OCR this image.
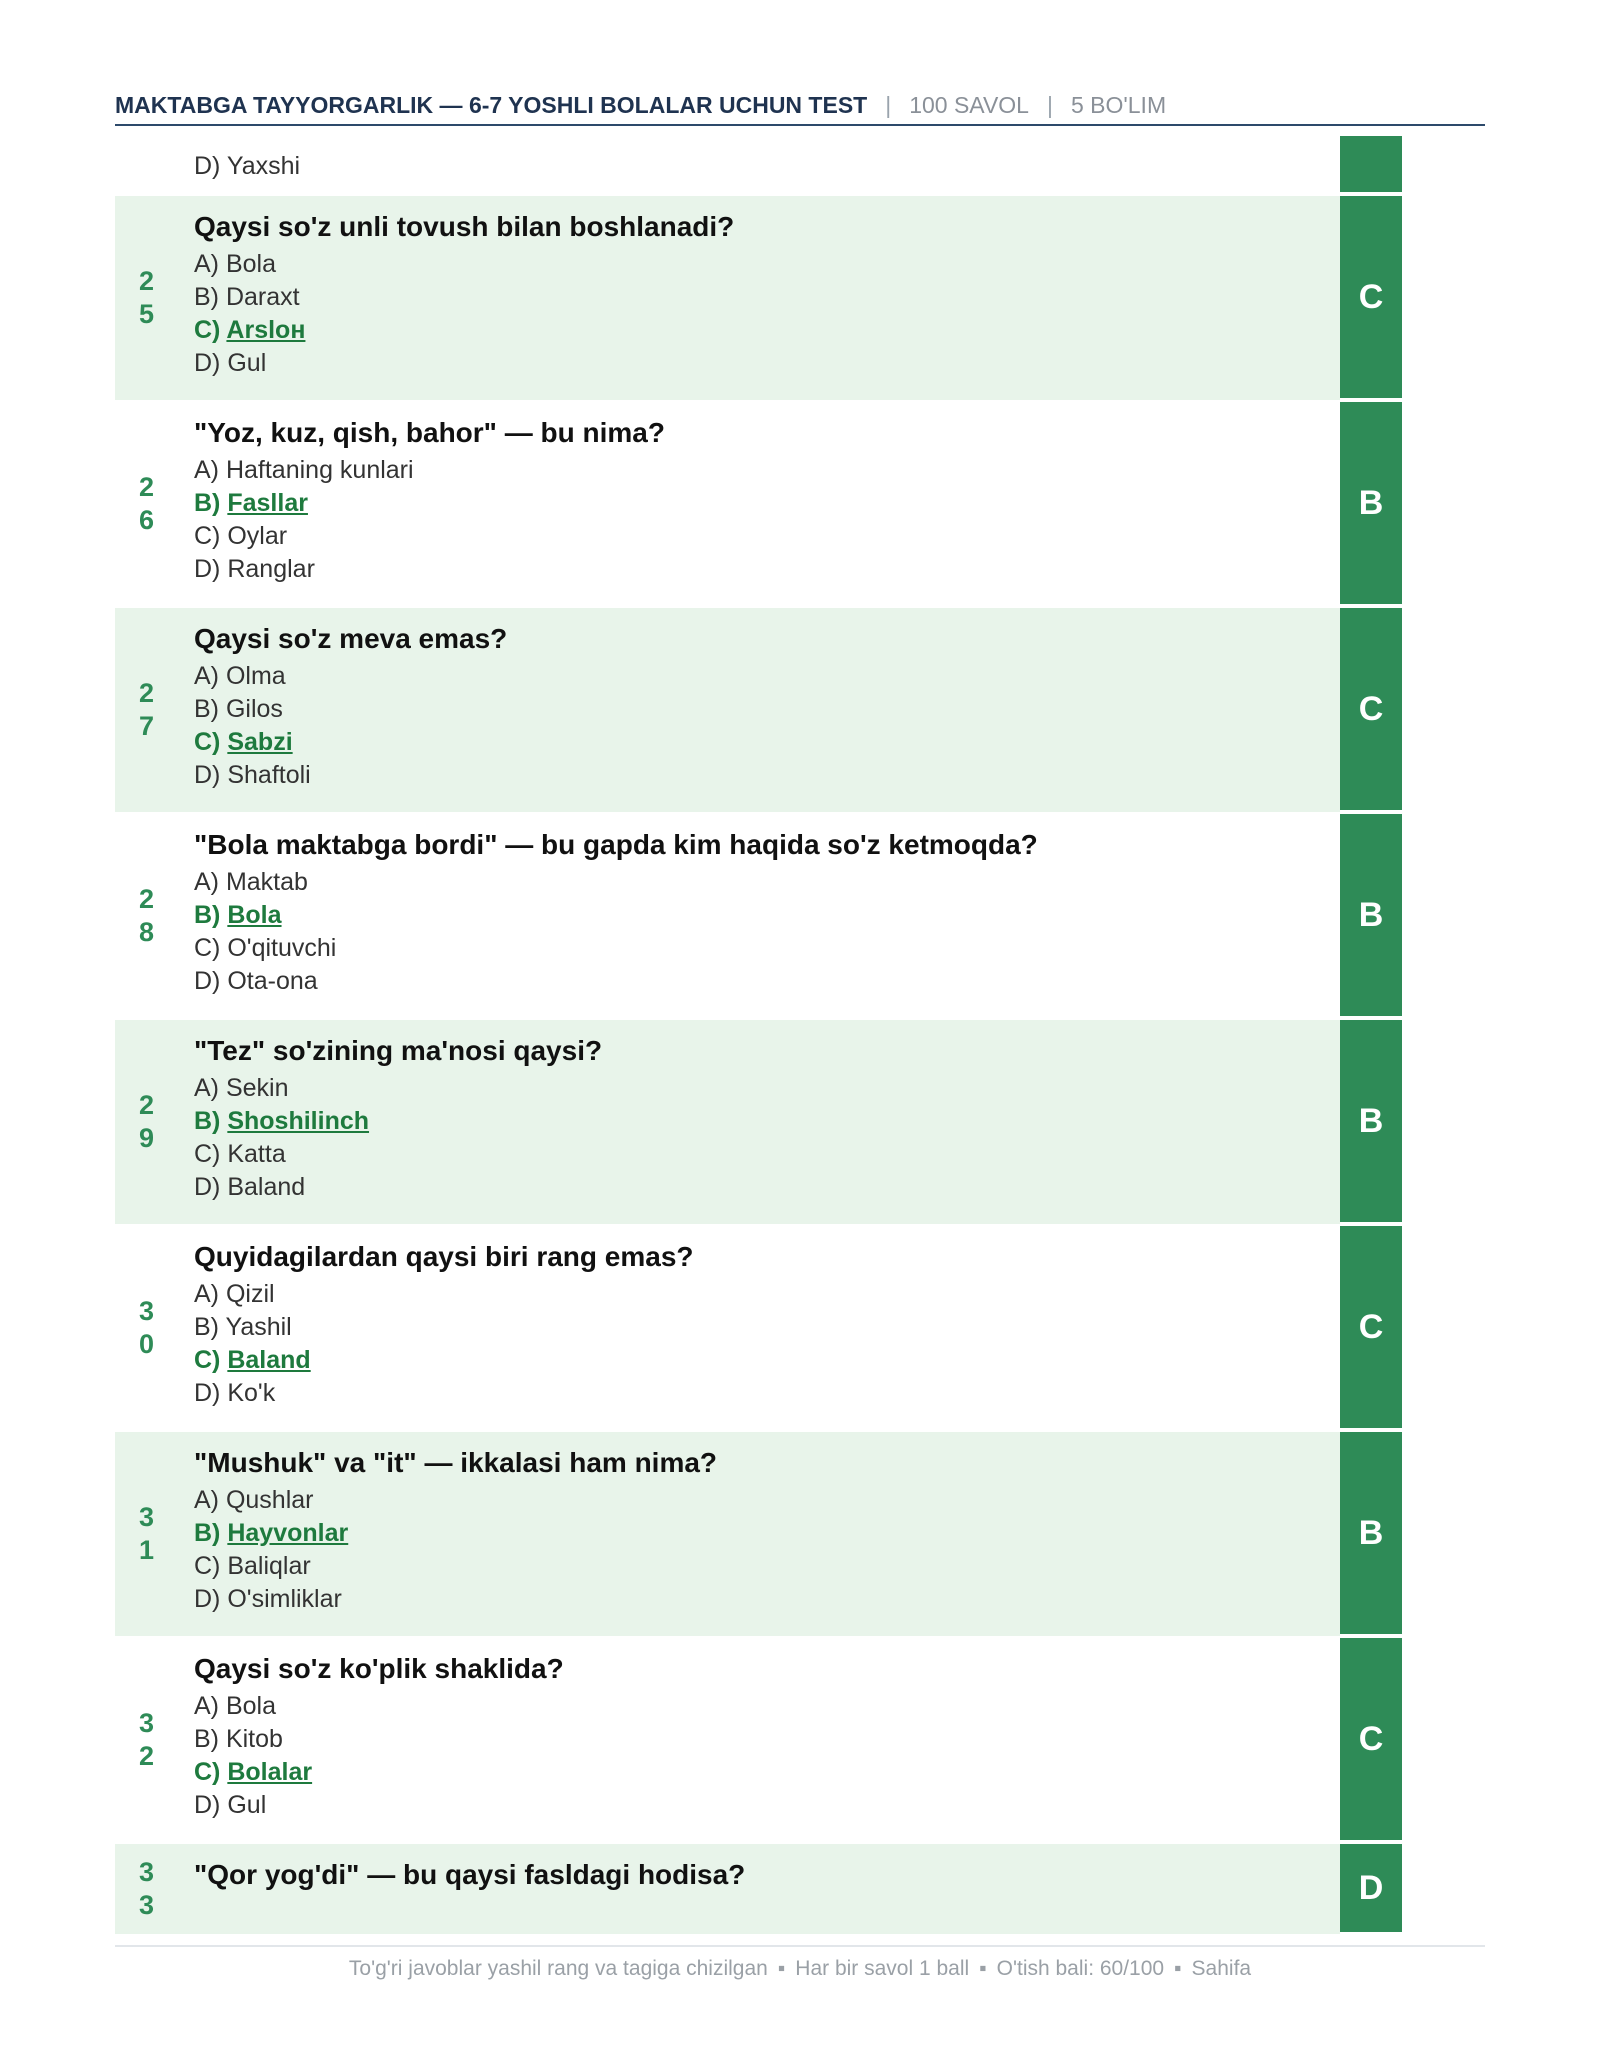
MAKTABGA TAYYORGARLIK — 6-7 YOSHLI BOLALAR UCHUN TEST | 100 SAVOL | 5 BO'LIM
D) Yaxshi
25
Qaysi so'z unli tovush bilan boshlanadi?
A) Bola
B) Daraxt
C) Arslон
D) Gul
C
26
"Yoz, kuz, qish, bahor" — bu nima?
A) Haftaning kunlari
B) Fasllar
C) Oylar
D) Ranglar
B
27
Qaysi so'z meva emas?
A) Olma
B) Gilos
C) Sabzi
D) Shaftoli
C
28
"Bola maktabga bordi" — bu gapda kim haqida so'z ketmoqda?
A) Maktab
B) Bola
C) O'qituvchi
D) Ota-ona
B
29
"Tez" so'zining ma'nosi qaysi?
A) Sekin
B) Shoshilinch
C) Katta
D) Baland
B
30
Quyidagilardan qaysi biri rang emas?
A) Qizil
B) Yashil
C) Baland
D) Ko'k
C
31
"Mushuk" va "it" — ikkalasi ham nima?
A) Qushlar
B) Hayvonlar
C) Baliqlar
D) O'simliklar
B
32
Qaysi so'z ko'plik shaklida?
A) Bola
B) Kitob
C) Bolalar
D) Gul
C
33
"Qor yog'di" — bu qaysi fasldagi hodisa?	D
To'g'ri javoblar yashil rang va tagiga chizilgan ▪ Har bir savol 1 ball ▪ O'tish bali: 60/100 ▪ Sahifa
